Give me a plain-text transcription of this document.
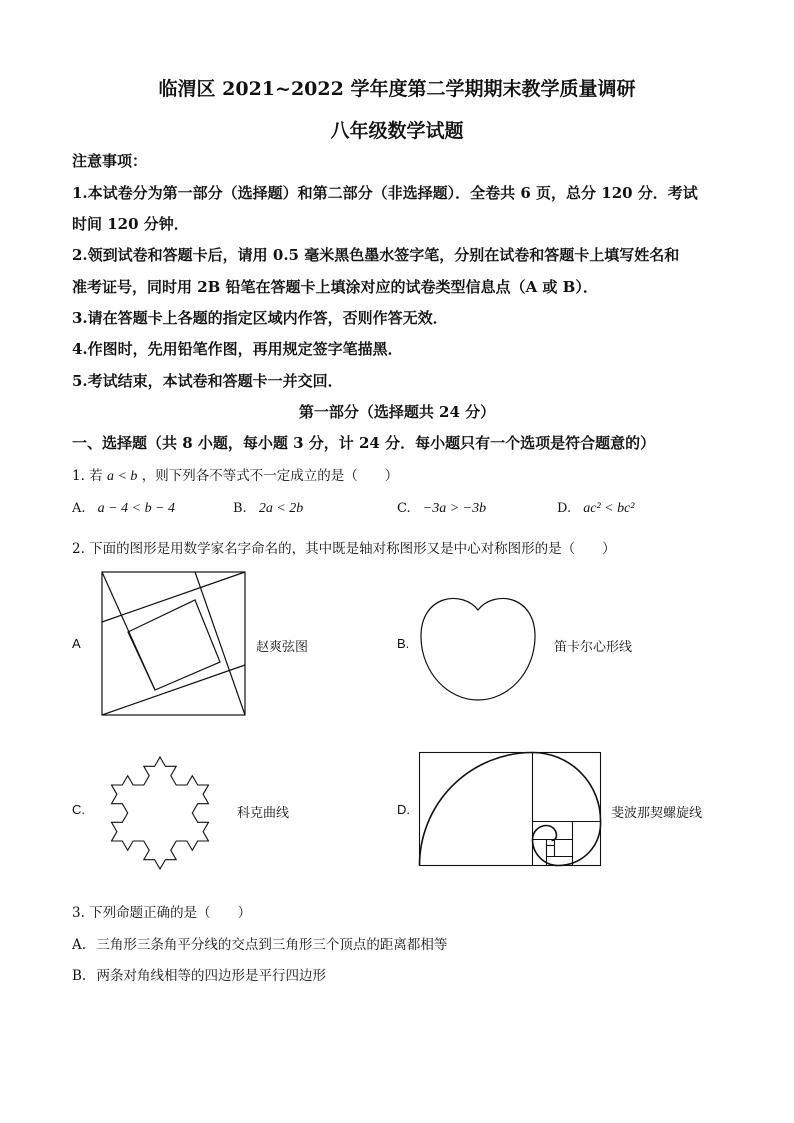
临渭区 2021~2022 学年度第二学期期末教学质量调研
八年级数学试题
注意事项：
1.本试卷分为第一部分（选择题）和第二部分（非选择题）．全卷共 6 页，总分 120 分．考试
时间 120 分钟．
2.领到试卷和答题卡后，请用 0.5 毫米黑色墨水签字笔，分别在试卷和答题卡上填写姓名和
准考证号，同时用 2B 铅笔在答题卡上填涂对应的试卷类型信息点（A 或 B）．
3.请在答题卡上各题的指定区域内作答，否则作答无效．
4.作图时，先用铅笔作图，再用规定签字笔描黑．
5.考试结束，本试卷和答题卡一并交回．
第一部分（选择题共 24 分）
一、选择题（共 8 小题，每小题 3 分，计 24 分．每小题只有一个选项是符合题意的）
1. 若 a < b ，则下列各不等式不一定成立的是（　　）
A. a − 4 < b − 4	B. 2a < 2b	C. −3a > −3b	D. ac² < bc²
2. 下面的图形是用数学家名字命名的，其中既是轴对称图形又是中心对称图形的是（　　）
A	赵爽弦图	B.	笛卡尔心形线
C.	科克曲线	D.	斐波那契螺旋线
3. 下列命题正确的是（　　）
A. 三角形三条角平分线的交点到三角形三个顶点的距离都相等
B. 两条对角线相等的四边形是平行四边形
